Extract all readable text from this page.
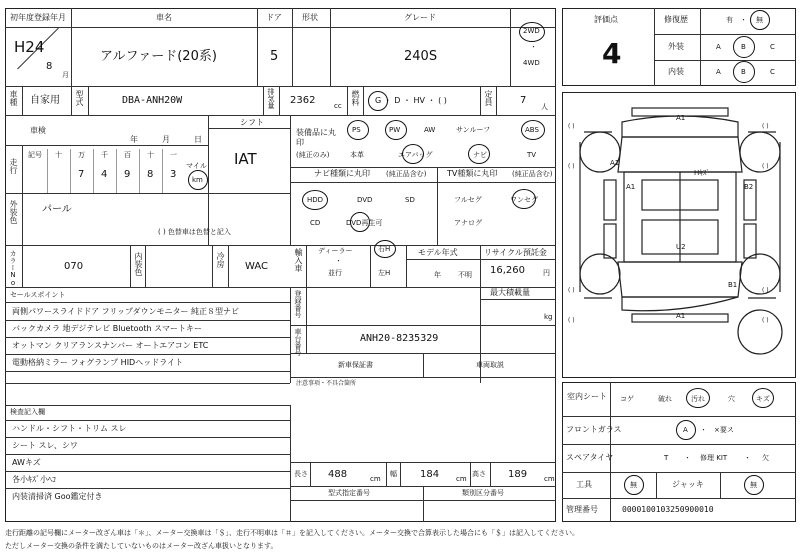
初年度登録年月
H24
8
月
車名
アルファード(20系)
ドア
5
形状	グレード
240S
2WD
・
4WD
車種 自家用 型式	DBA-ANH20W	排気量 2362	cc 燃料 G ・ D ・ HV ・ ( )	定員	7
人
車検
年	月	日
走行
記号 十 万 千 百 十 一
7 4 9 8 3
マイル
km
シフト
IAT
装備品に丸印
(純正のみ)
PS	PW	AW	サンルーフ	ABS
本革	エアバッグ	ナビ	TV
ナビ種類に丸印 (純正品含む)
HDD	DVD	SD
CD	DVD再生可
TV種類に丸印 (純正品含む)
フルセグ	ワンセグ
アナログ
外装色 パール
( ) 色替車は色替と記入
カラーNo.	070	内装色	冷房 WAC	輸入車 ディーラー
・
並行
右H
左H
モデル年式
年 不明
リサイクル預託金
16,260	円
セールスポイント
両側パワースライドドア フリップダウンモニター 純正８型ナビ
バックカメラ 地デジテレビ Bluetooth スマートキー
オットマン クリアランスナンバー オートエアコン ETC
電動格納ミラー フォグランプ HIDヘッドライト
登録番号	最大積載量
kg
車台番号	ANH20-8235329
新車保証書	車両取説
注意事項・不具合箇所
検査記入欄
ハンドル・シフト・トリム スレ
シート スレ、シワ
AWキズ
各小ｷｽﾞ小ﾍｺ
内装清掃済 Goo鑑定付き
長さ 488	cm
幅 184 cm
高さ 189 cm
型式指定番号	類別区分番号
評価点
4
修復歴	有 ・ 無
外装	A	B	C
内装	A	B	C
( )	( )
( )	( )
( )	( )
( )	( )
A1
A1
A1	B2
U2
B1
A1
Hｷｽﾞ
室内シート コゲ	破れ	汚れ	穴	キズ
フロントガラス	A ・ ×要ス
スペアタイヤ	T ・ 修理 KIT ・ 欠
工具	無	ジャッキ	無
管理番号	0000100103250900010
走行距離の記号欄にメーター改ざん車は「＊」、メーター交換車は「＄」、走行不明車は「＃」を記入してください。メーター交換で合算表示した場合にも「＄」は記入してください。
ただしメーター交換の条件を満たしていないものはメーター改ざん車扱いとなります。
